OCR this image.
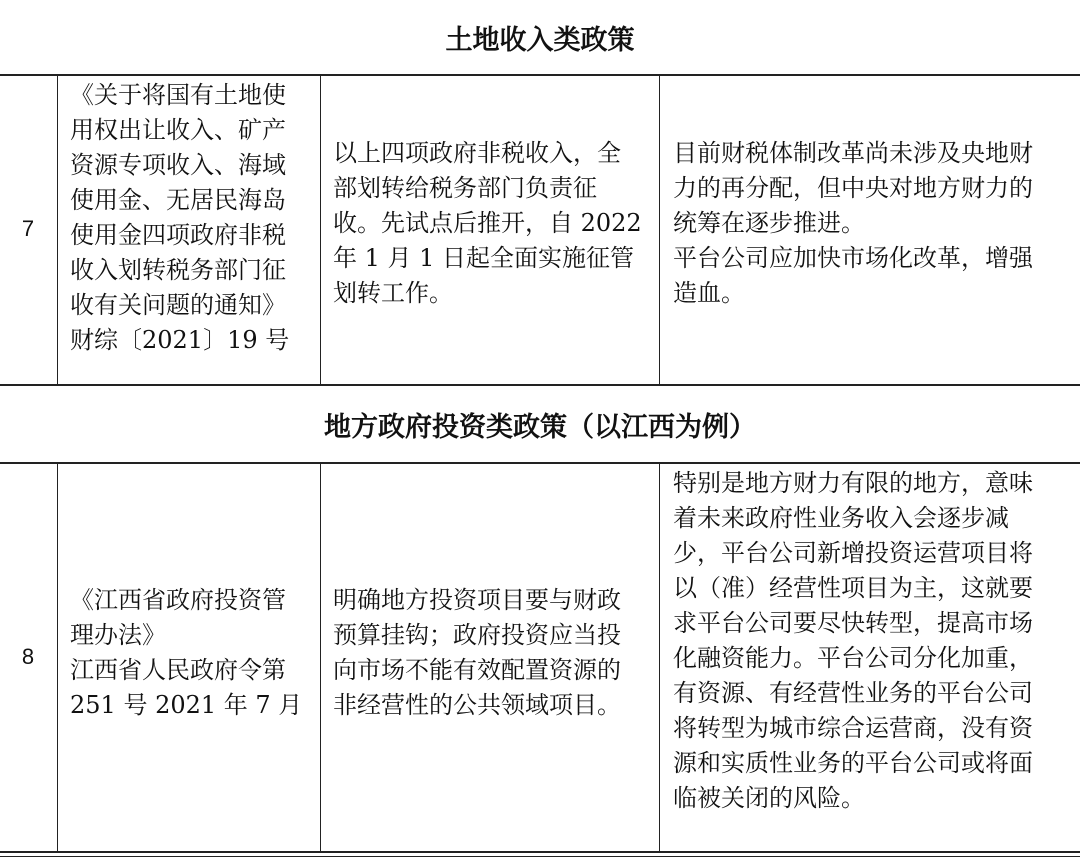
土地收入类政策
7
《关于将国有土地使
用权出让收入、矿产
资源专项收入、海域
使用金、无居民海岛
使用金四项政府非税
收入划转税务部门征
收有关问题的通知》
财综〔2021〕19 号
以上四项政府非税收入，全
部划转给税务部门负责征
收。先试点后推开，自 2022
年 1 月 1 日起全面实施征管
划转工作。
目前财税体制改革尚未涉及央地财
力的再分配，但中央对地方财力的
统筹在逐步推进。
平台公司应加快市场化改革，增强
造血。
地方政府投资类政策（以江西为例）
8
《江西省政府投资管
理办法》
江西省人民政府令第
251 号 2021 年 7 月
明确地方投资项目要与财政
预算挂钩；政府投资应当投
向市场不能有效配置资源的
非经营性的公共领域项目。
特别是地方财力有限的地方，意味
着未来政府性业务收入会逐步减
少，平台公司新增投资运营项目将
以（准）经营性项目为主，这就要
求平台公司要尽快转型，提高市场
化融资能力。平台公司分化加重，
有资源、有经营性业务的平台公司
将转型为城市综合运营商，没有资
源和实质性业务的平台公司或将面
临被关闭的风险。
